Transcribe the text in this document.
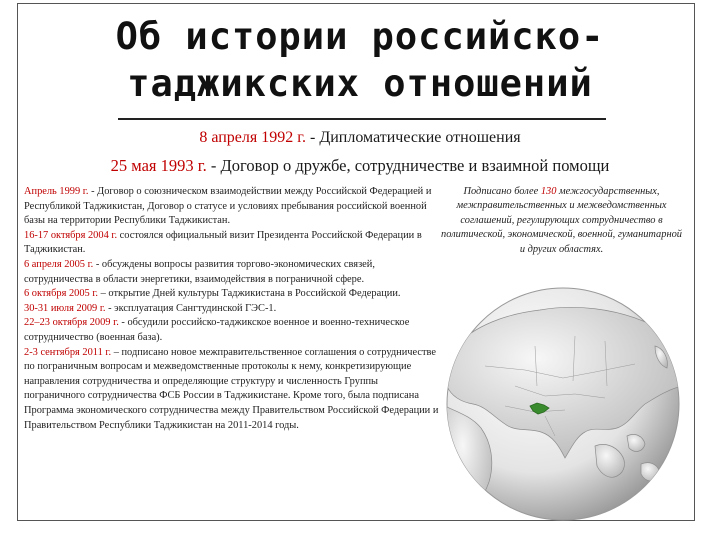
Об истории российско-
таджикских отношений
8 апреля 1992 г. - Дипломатические отношения
25 мая 1993 г. - Договор о дружбе, сотрудничестве и взаимной помощи

Апрель 1999 г. - Договор о союзническом взаимодействии между Российской Федерацией и Республикой Таджикистан, Договор о статусе и условиях пребывания российской военной базы на территории Республики Таджикистан.

16-17 октября 2004 г. состоялся официальный визит Президента Российской Федерации в Таджикистан.

6 апреля 2005 г. - обсуждены вопросы развития торгово-экономических связей, сотрудничества в области энергетики, взаимодействия в пограничной сфере.

6 октября 2005 г. – открытие Дней культуры Таджикистана в Российской Федерации.

30-31 июля 2009 г. - эксплуатация Сангтудинской ГЭС-1.

22–23 октября 2009 г. - обсудили российско-таджикское военное и военно-техническое сотрудничество (военная база).

2-3 сентября 2011 г. – подписано новое межправительственное соглашения о сотрудничестве по пограничным вопросам и межведомственные протоколы к нему, конкретизирующие направления сотрудничества и определяющие структуру и численность Группы пограничного сотрудничества ФСБ России в Таджикистане. Кроме того, была подписана Программа экономического сотрудничества между Правительством Российской Федерации и Правительством Республики Таджикистан на 2011-2014 годы.

Подписано более 130 межгосударственных, межправительственных и межведомственных соглашений, регулирующих сотрудничество в политической, экономической, военной, гуманитарной и других областях.
